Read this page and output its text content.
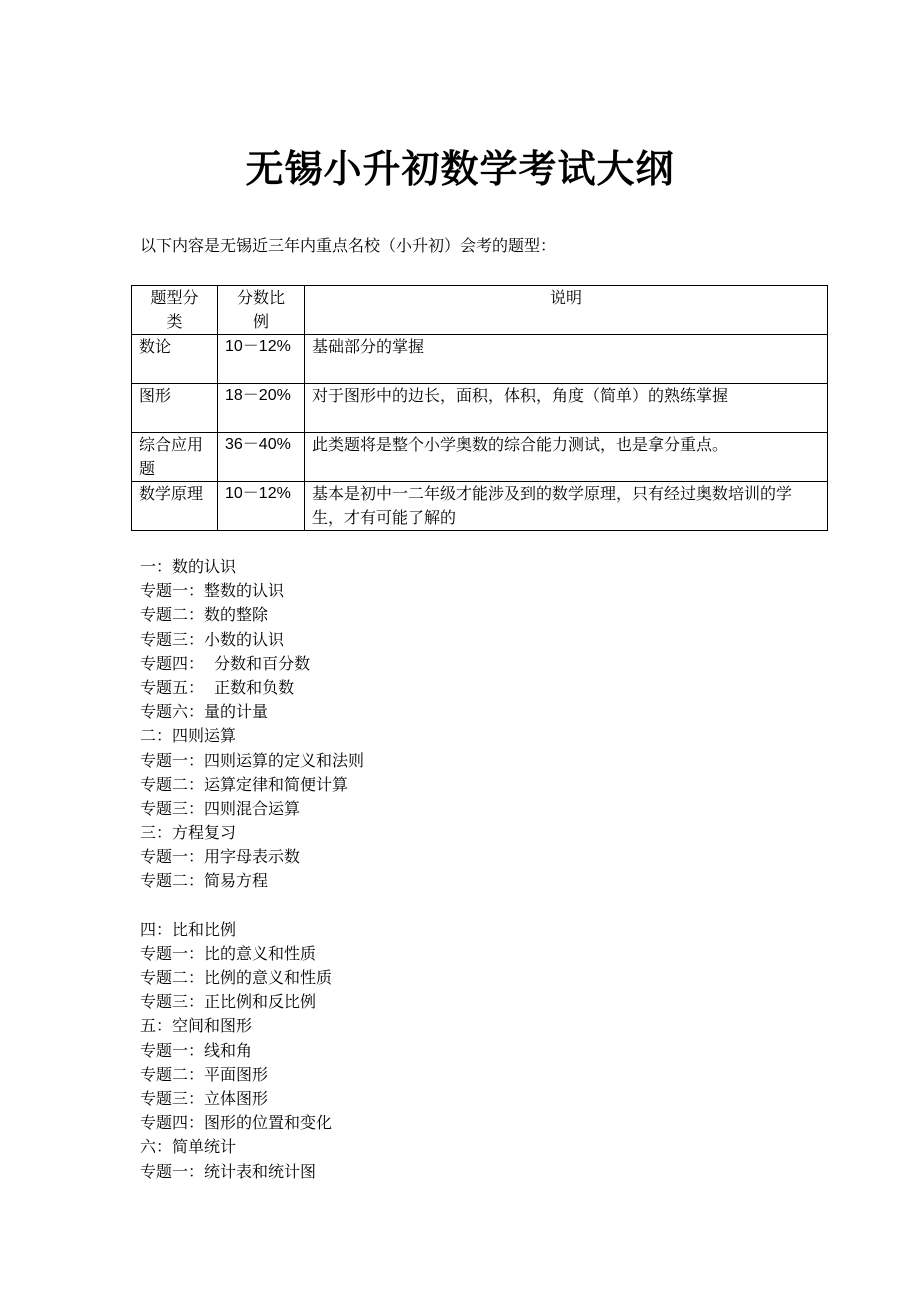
无锡小升初数学考试大纲
以下内容是无锡近三年内重点名校（小升初）会考的题型：
题型分类	分数比例	说明
数论	10－12%	基础部分的掌握
图形	18－20%	对于图形中的边长，面积，体积，角度（简单）的熟练掌握
综合应用题	36－40%	此类题将是整个小学奥数的综合能力测试，也是拿分重点。
数学原理	10－12%	基本是初中一二年级才能涉及到的数学原理，只有经过奥数培训的学生，才有可能了解的
一：数的认识
专题一：整数的认识
专题二：数的整除
专题三：小数的认识
专题四：  分数和百分数
专题五：  正数和负数
专题六：量的计量
二：四则运算
专题一：四则运算的定义和法则
专题二：运算定律和简便计算
专题三：四则混合运算
三：方程复习
专题一：用字母表示数
专题二：简易方程
四：比和比例
专题一：比的意义和性质
专题二：比例的意义和性质
专题三：正比例和反比例
五：空间和图形
专题一：线和角
专题二：平面图形
专题三：立体图形
专题四：图形的位置和变化
六：简单统计
专题一：统计表和统计图
